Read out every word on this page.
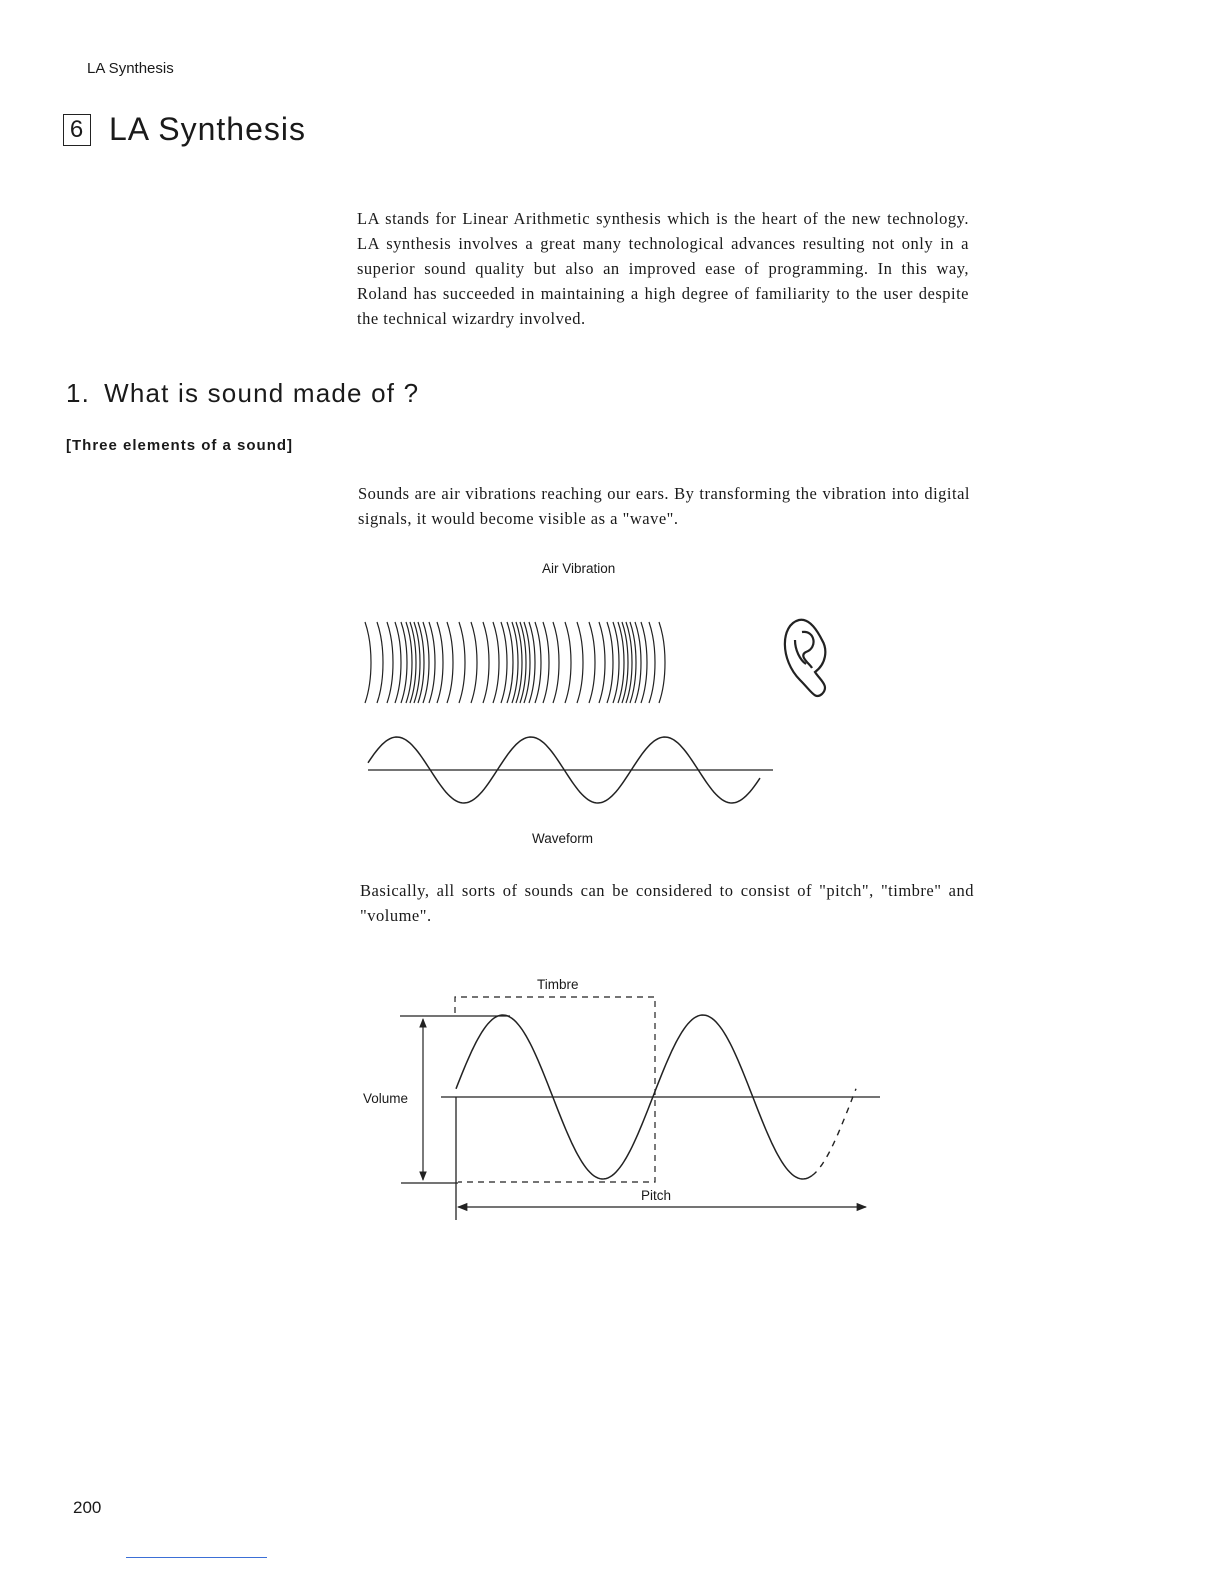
LA Synthesis
6 LA Synthesis
LA stands for Linear Arithmetic synthesis which is the heart of the new technology. LA synthesis involves a great many technological advances resulting not only in a superior sound quality but also an improved ease of programming. In this way, Roland has succeeded in maintaining a high degree of familiarity to the user despite the technical wizardry involved.
1. What is sound made of ?
[Three elements of a sound]
Sounds are air vibrations reaching our ears. By transforming the vibration into digital signals, it would become visible as a "wave".
Air Vibration
Waveform
Basically, all sorts of sounds can be considered to consist of "pitch", "timbre" and "volume".
Timbre
Volume
Pitch
200
